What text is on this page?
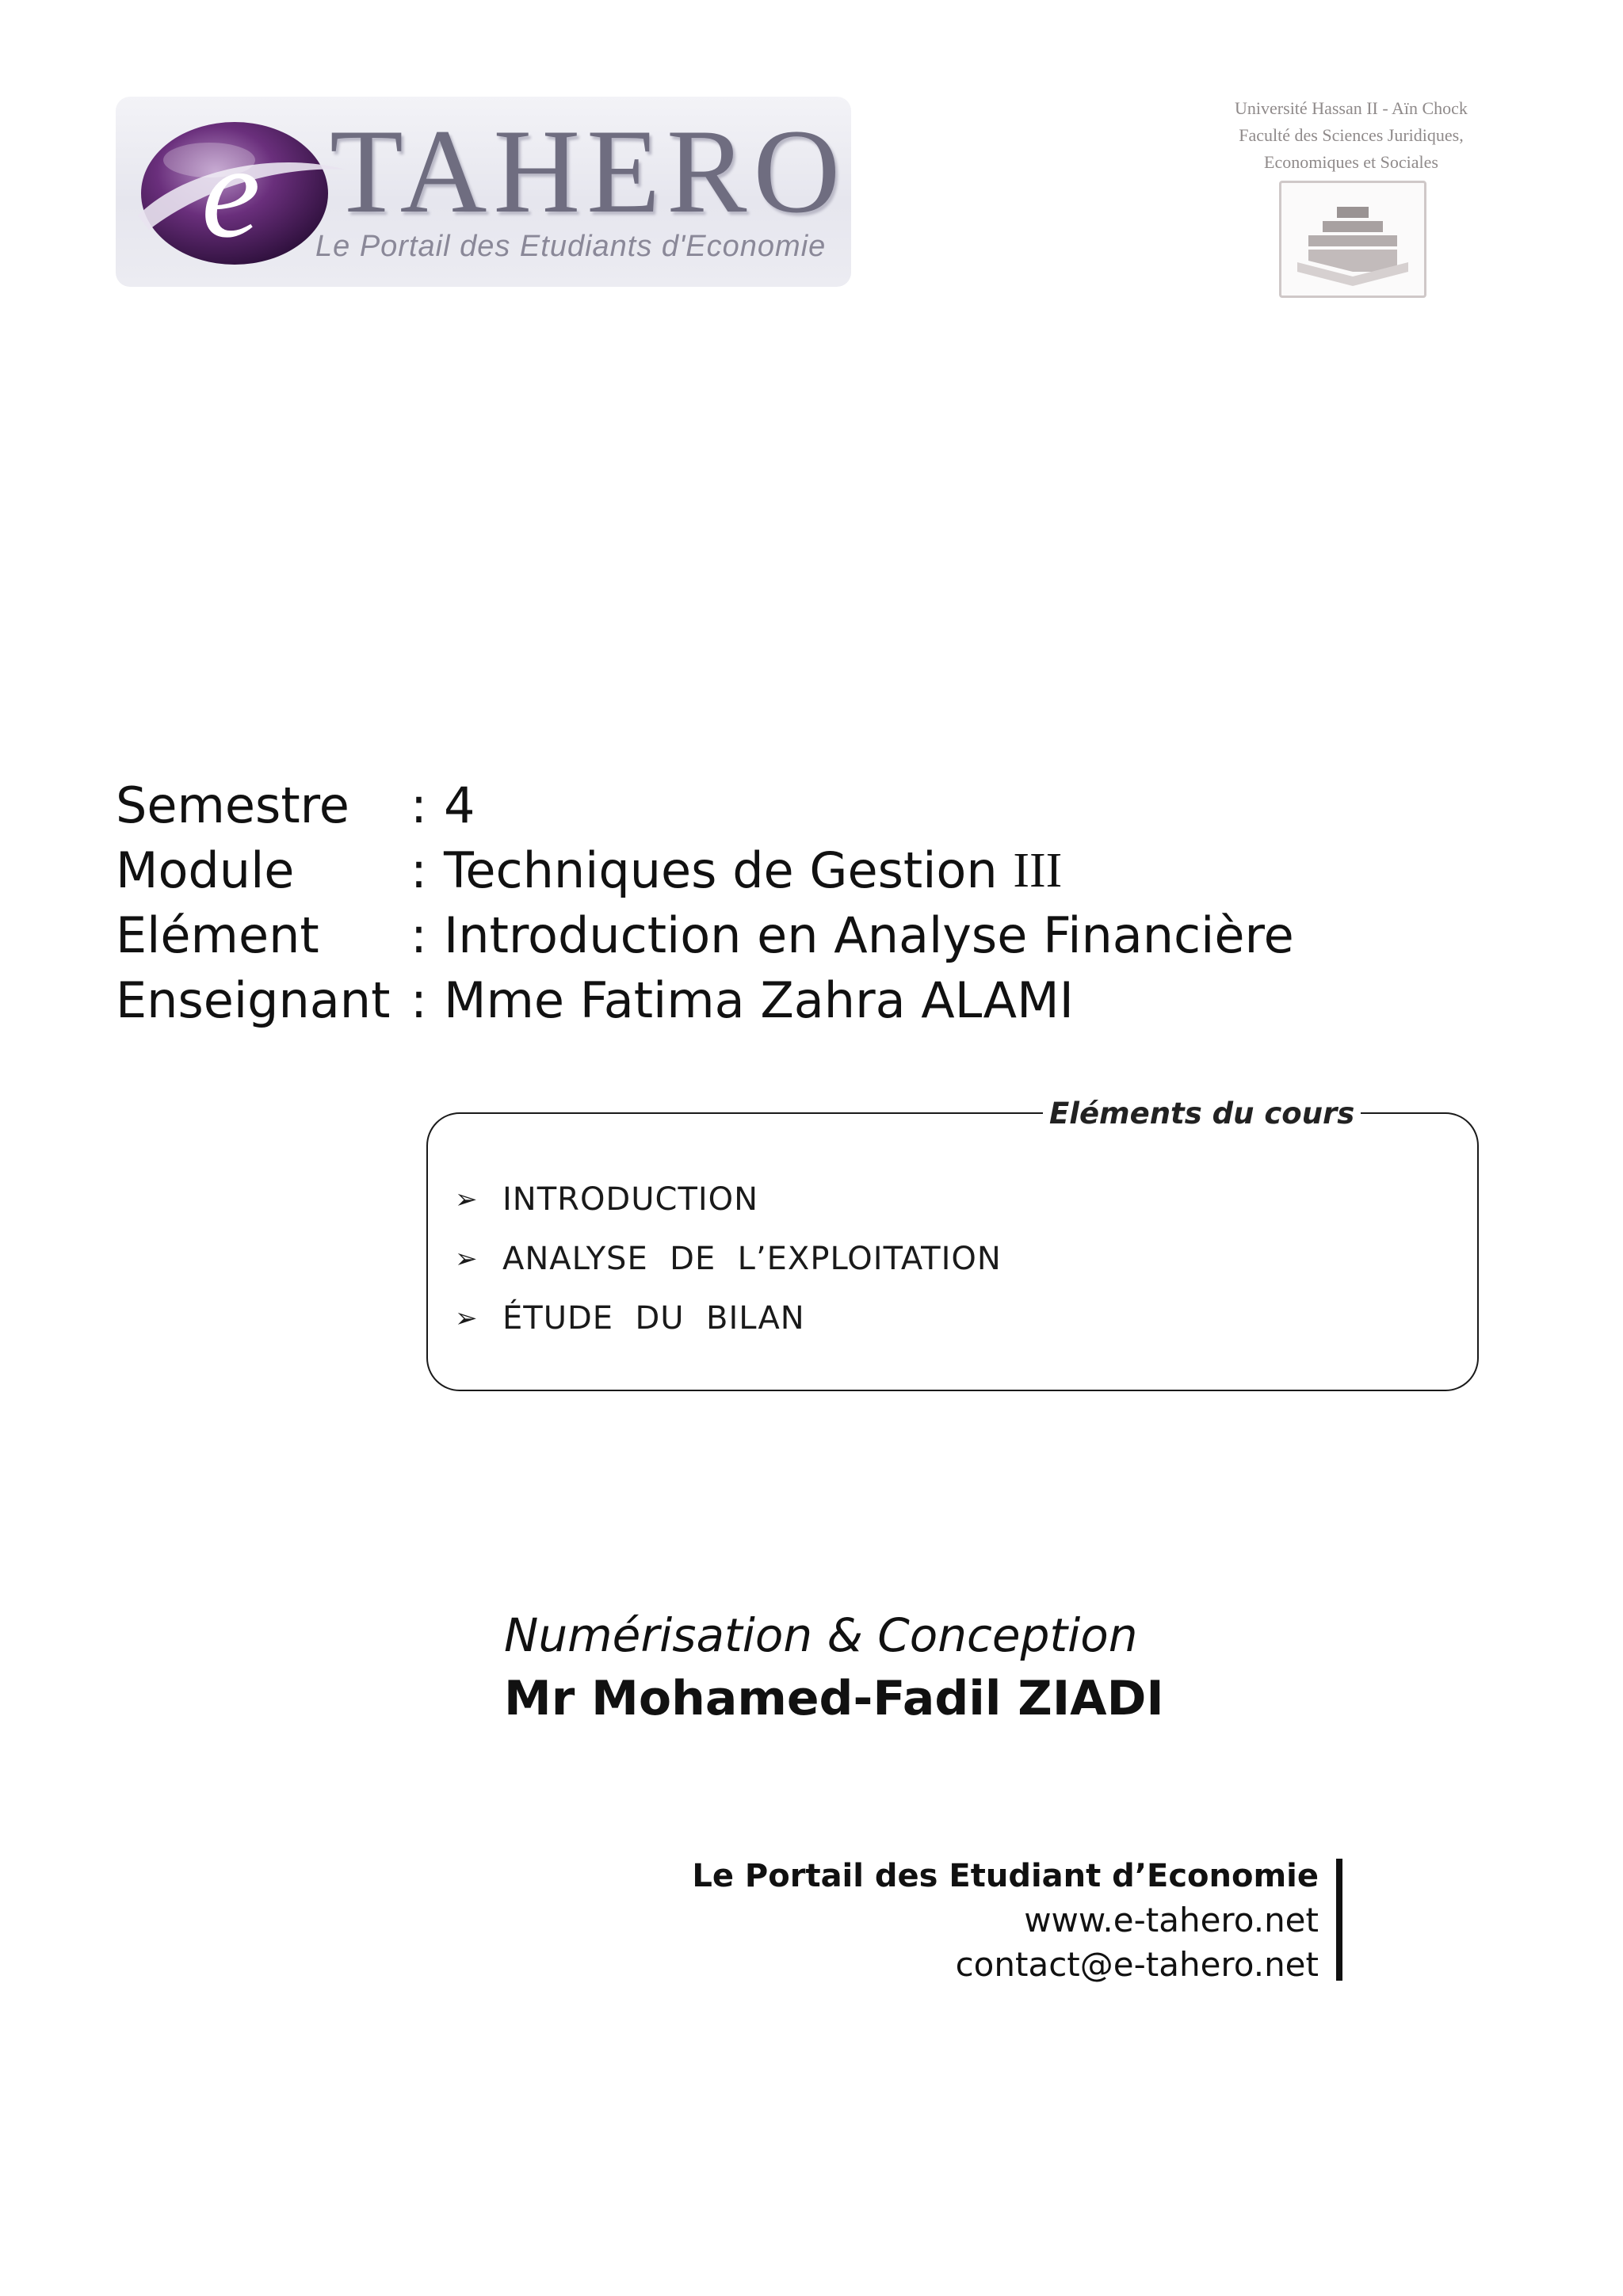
e TAHERO
Le Portail des Etudiants d'Economie
Université Hassan II - Aïn Chock
Faculté des Sciences Juridiques,
Economiques et Sociales
Semestre	: 4
Module	: Techniques de Gestion III
Elément	: Introduction en Analyse Financière
Enseignant : Mme Fatima Zahra ALAMI
Eléments du cours
➢ INTRODUCTION
➢ ANALYSE  DE  L’EXPLOITATION
➢ ÉTUDE  DU  BILAN
Numérisation & Conception
Mr Mohamed-Fadil ZIADI
Le Portail des Etudiant d’Economie
www.e-tahero.net
contact@e-tahero.net
